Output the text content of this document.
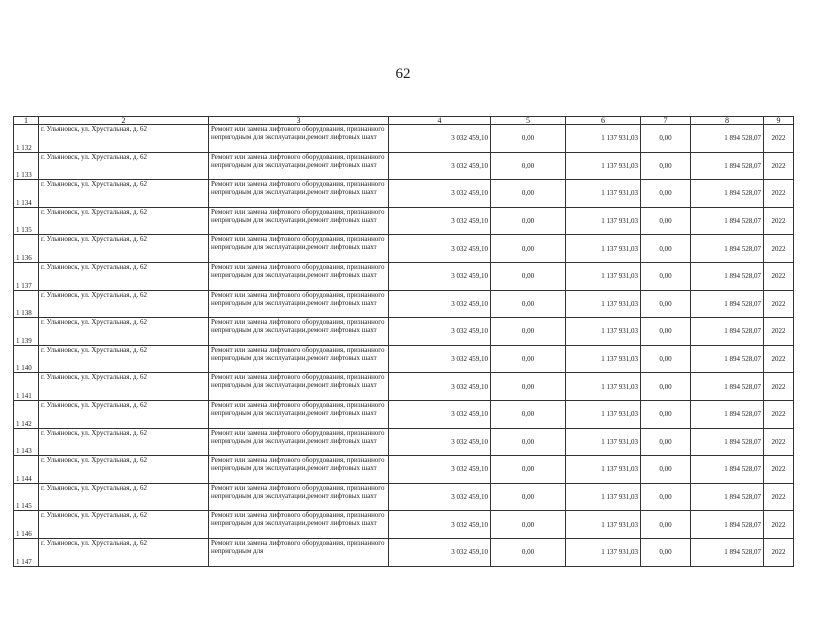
62
1	2	3	4	5	6	7	8	9
1 132	г. Ульяновск, ул. Хрустальная, д. 62	Ремонт или замена лифтового оборудования, признанного непригодным для эксплуатации,ремонт лифтовых шахт	3 032 459,10	0,00	1 137 931,03	0,00	1 894 528,07	2022
1 133	г. Ульяновск, ул. Хрустальная, д. 62	Ремонт или замена лифтового оборудования, признанного непригодным для эксплуатации,ремонт лифтовых шахт	3 032 459,10	0,00	1 137 931,03	0,00	1 894 528,07	2022
1 134	г. Ульяновск, ул. Хрустальная, д. 62	Ремонт или замена лифтового оборудования, признанного непригодным для эксплуатации,ремонт лифтовых шахт	3 032 459,10	0,00	1 137 931,03	0,00	1 894 528,07	2022
1 135	г. Ульяновск, ул. Хрустальная, д. 62	Ремонт или замена лифтового оборудования, признанного непригодным для эксплуатации,ремонт лифтовых шахт	3 032 459,10	0,00	1 137 931,03	0,00	1 894 528,07	2022
1 136	г. Ульяновск, ул. Хрустальная, д. 62	Ремонт или замена лифтового оборудования, признанного непригодным для эксплуатации,ремонт лифтовых шахт	3 032 459,10	0,00	1 137 931,03	0,00	1 894 528,07	2022
1 137	г. Ульяновск, ул. Хрустальная, д. 62	Ремонт или замена лифтового оборудования, признанного непригодным для эксплуатации,ремонт лифтовых шахт	3 032 459,10	0,00	1 137 931,03	0,00	1 894 528,07	2022
1 138	г. Ульяновск, ул. Хрустальная, д. 62	Ремонт или замена лифтового оборудования, признанного непригодным для эксплуатации,ремонт лифтовых шахт	3 032 459,10	0,00	1 137 931,03	0,00	1 894 528,07	2022
1 139	г. Ульяновск, ул. Хрустальная, д. 62	Ремонт или замена лифтового оборудования, признанного непригодным для эксплуатации,ремонт лифтовых шахт	3 032 459,10	0,00	1 137 931,03	0,00	1 894 528,07	2022
1 140	г. Ульяновск, ул. Хрустальная, д. 62	Ремонт или замена лифтового оборудования, признанного непригодным для эксплуатации,ремонт лифтовых шахт	3 032 459,10	0,00	1 137 931,03	0,00	1 894 528,07	2022
1 141	г. Ульяновск, ул. Хрустальная, д. 62	Ремонт или замена лифтового оборудования, признанного непригодным для эксплуатации,ремонт лифтовых шахт	3 032 459,10	0,00	1 137 931,03	0,00	1 894 528,07	2022
1 142	г. Ульяновск, ул. Хрустальная, д. 62	Ремонт или замена лифтового оборудования, признанного непригодным для эксплуатации,ремонт лифтовых шахт	3 032 459,10	0,00	1 137 931,03	0,00	1 894 528,07	2022
1 143	г. Ульяновск, ул. Хрустальная, д. 62	Ремонт или замена лифтового оборудования, признанного непригодным для эксплуатации,ремонт лифтовых шахт	3 032 459,10	0,00	1 137 931,03	0,00	1 894 528,07	2022
1 144	г. Ульяновск, ул. Хрустальная, д. 62	Ремонт или замена лифтового оборудования, признанного непригодным для эксплуатации,ремонт лифтовых шахт	3 032 459,10	0,00	1 137 931,03	0,00	1 894 528,07	2022
1 145	г. Ульяновск, ул. Хрустальная, д. 62	Ремонт или замена лифтового оборудования, признанного непригодным для эксплуатации,ремонт лифтовых шахт	3 032 459,10	0,00	1 137 931,03	0,00	1 894 528,07	2022
1 146	г. Ульяновск, ул. Хрустальная, д. 62	Ремонт или замена лифтового оборудования, признанного непригодным для эксплуатации,ремонт лифтовых шахт	3 032 459,10	0,00	1 137 931,03	0,00	1 894 528,07	2022
1 147	г. Ульяновск, ул. Хрустальная, д. 62	Ремонт или замена лифтового оборудования, признанного непригодным для	3 032 459,10	0,00	1 137 931,03	0,00	1 894 528,07	2022
